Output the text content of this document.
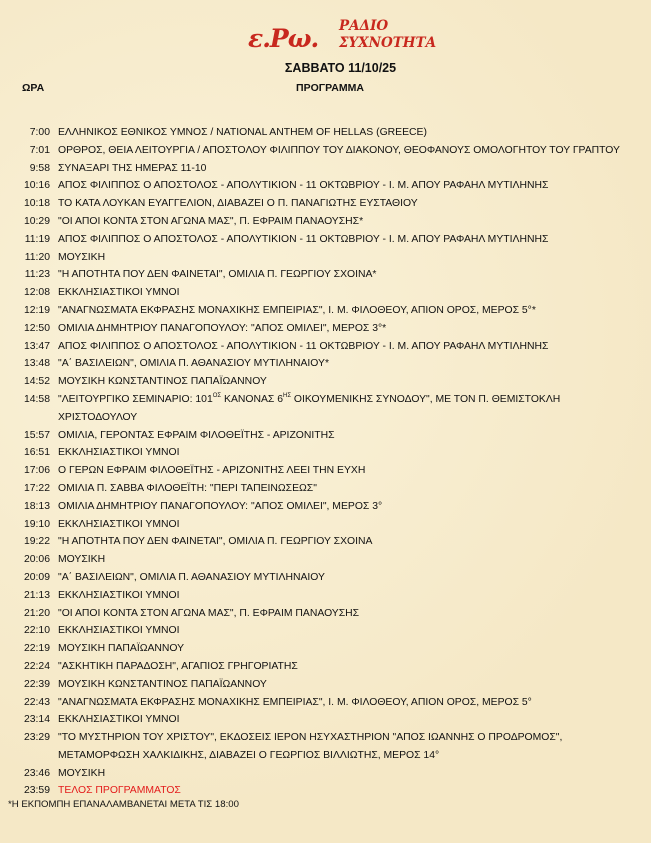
ε.Ρω. ΡΑΔΙΟ
ΣΥΧΝΟΤΗΤΑ
ΣΑΒΒΑΤΟ 11/10/25
ΩΡΑ	ΠΡΟΓΡΑΜΜΑ
7:00 ΕΛΛΗΝΙΚΟΣ ΕΘΝΙΚΟΣ ΥΜΝΟΣ / NATIONAL ANTHEM OF HELLAS (GREECE)
7:01 ΟΡΘΡΟΣ, ΘΕΙΑ ΛΕΙΤΟΥΡΓΙΑ / ΑΠΟΣΤΟΛΟΥ ΦΙΛΙΠΠΟΥ ΤΟΥ ΔΙΑΚΟΝΟΥ, ΘΕΟΦΑΝΟΥΣ ΟΜΟΛΟΓΗΤΟΥ ΤΟΥ ΓΡΑΠΤΟΥ
9:58 ΣΥΝΑΞΑΡΙ ΤΗΣ ΗΜΕΡΑΣ 11-10
10:16 ΑΠΟΣ ΦΙΛΙΠΠΟΣ Ο ΑΠΟΣΤΟΛΟΣ - ΑΠΟΛΥΤΙΚΙΟΝ - 11 ΟΚΤΩΒΡΙΟΥ - Ι. Μ. ΑΠΟΥ ΡΑΦΑΗΛ ΜΥΤΙΛΗΝΗΣ
10:18 ΤΟ ΚΑΤΑ ΛΟΥΚΑΝ ΕΥΑΓΓΕΛΙΟΝ, ΔΙΑΒΑΖΕΙ Ο Π. ΠΑΝΑΓΙΩΤΗΣ ΕΥΣΤΑΘΙΟΥ
10:29 "ΟΙ ΑΠΟΙ ΚΟΝΤΑ ΣΤΟΝ ΑΓΩΝΑ ΜΑΣ", Π. ΕΦΡΑΙΜ ΠΑΝΑΟΥΣΗΣ*
11:19 ΑΠΟΣ ΦΙΛΙΠΠΟΣ Ο ΑΠΟΣΤΟΛΟΣ - ΑΠΟΛΥΤΙΚΙΟΝ - 11 ΟΚΤΩΒΡΙΟΥ - Ι. Μ. ΑΠΟΥ ΡΑΦΑΗΛ ΜΥΤΙΛΗΝΗΣ
11:20 ΜΟΥΣΙΚΗ
11:23 "Η ΑΠΟΤΗΤΑ ΠΟΥ ΔΕΝ ΦΑΙΝΕΤΑΙ", ΟΜΙΛΙΑ Π. ΓΕΩΡΓΙΟΥ ΣΧΟΙΝΑ*
12:08 ΕΚΚΛΗΣΙΑΣΤΙΚΟΙ ΥΜΝΟΙ
12:19 "ΑΝΑΓΝΩΣΜΑΤΑ ΕΚΦΡΑΣΗΣ ΜΟΝΑΧΙΚΗΣ ΕΜΠΕΙΡΙΑΣ", Ι. Μ. ΦΙΛΟΘΕΟΥ, ΑΠΙΟΝ ΟΡΟΣ, ΜΕΡΟΣ 5°*
12:50 ΟΜΙΛΙΑ ΔΗΜΗΤΡΙΟΥ ΠΑΝΑΓΟΠΟΥΛΟΥ: "ΑΠΟΣ ΟΜΙΛΕΙ", ΜΕΡΟΣ 3°*
13:47 ΑΠΟΣ ΦΙΛΙΠΠΟΣ Ο ΑΠΟΣΤΟΛΟΣ - ΑΠΟΛΥΤΙΚΙΟΝ - 11 ΟΚΤΩΒΡΙΟΥ - Ι. Μ. ΑΠΟΥ ΡΑΦΑΗΛ ΜΥΤΙΛΗΝΗΣ
13:48 "Α΄ ΒΑΣΙΛΕΙΩΝ", ΟΜΙΛΙΑ Π. ΑΘΑΝΑΣΙΟΥ ΜΥΤΙΛΗΝΑΙΟΥ*
14:52 ΜΟΥΣΙΚΗ ΚΩΝΣΤΑΝΤΙΝΟΣ ΠΑΠΑΪΩΑΝΝΟΥ
14:58 "ΛΕΙΤΟΥΡΓΙΚΟ ΣΕΜΙΝΑΡΙΟ: $101^{O\Sigma}$ ΚΑΝΟΝΑΣ $6^{H\Sigma}$ ΟΙΚΟΥΜΕΝΙΚΗΣ ΣΥΝΟΔΟΥ", ΜΕ ΤΟΝ Π. ΘΕΜΙΣΤΟΚΛΗ ΧΡΙΣΤΟΔΟΥΛΟΥ
15:57 ΟΜΙΛΙΑ, ΓΕΡΟΝΤΑΣ ΕΦΡΑΙΜ ΦΙΛΟΘΕΪΤΗΣ - ΑΡΙΖΟΝΙΤΗΣ
16:51 ΕΚΚΛΗΣΙΑΣΤΙΚΟΙ ΥΜΝΟΙ
17:06 Ο ΓΕΡΩΝ ΕΦΡΑΙΜ ΦΙΛΟΘΕΪΤΗΣ - ΑΡΙΖΟΝΙΤΗΣ ΛΕΕΙ ΤΗΝ ΕΥΧΗ
17:22 ΟΜΙΛΙΑ Π. ΣΑΒΒΑ ΦΙΛΟΘΕΪΤΗ: "ΠΕΡΙ ΤΑΠΕΙΝΩΣΕΩΣ"
18:13 ΟΜΙΛΙΑ ΔΗΜΗΤΡΙΟΥ ΠΑΝΑΓΟΠΟΥΛΟΥ: "ΑΠΟΣ ΟΜΙΛΕΙ", ΜΕΡΟΣ 3°
19:10 ΕΚΚΛΗΣΙΑΣΤΙΚΟΙ ΥΜΝΟΙ
19:22 "Η ΑΠΟΤΗΤΑ ΠΟΥ ΔΕΝ ΦΑΙΝΕΤΑΙ", ΟΜΙΛΙΑ Π. ΓΕΩΡΓΙΟΥ ΣΧΟΙΝΑ
20:06 ΜΟΥΣΙΚΗ
20:09 "Α΄ ΒΑΣΙΛΕΙΩΝ", ΟΜΙΛΙΑ Π. ΑΘΑΝΑΣΙΟΥ ΜΥΤΙΛΗΝΑΙΟΥ
21:13 ΕΚΚΛΗΣΙΑΣΤΙΚΟΙ ΥΜΝΟΙ
21:20 "ΟΙ ΑΠΟΙ ΚΟΝΤΑ ΣΤΟΝ ΑΓΩΝΑ ΜΑΣ", Π. ΕΦΡΑΙΜ ΠΑΝΑΟΥΣΗΣ
22:10 ΕΚΚΛΗΣΙΑΣΤΙΚΟΙ ΥΜΝΟΙ
22:19 ΜΟΥΣΙΚΗ ΠΑΠΑΪΩΑΝΝΟΥ
22:24 "ΑΣΚΗΤΙΚΗ ΠΑΡΑΔΟΣΗ", ΑΓΑΠΙΟΣ ΓΡΗΓΟΡΙΑΤΗΣ
22:39 ΜΟΥΣΙΚΗ ΚΩΝΣΤΑΝΤΙΝΟΣ ΠΑΠΑΪΩΑΝΝΟΥ
22:43 "ΑΝΑΓΝΩΣΜΑΤΑ ΕΚΦΡΑΣΗΣ ΜΟΝΑΧΙΚΗΣ ΕΜΠΕΙΡΙΑΣ", Ι. Μ. ΦΙΛΟΘΕΟΥ, ΑΠΙΟΝ ΟΡΟΣ, ΜΕΡΟΣ 5°
23:14 ΕΚΚΛΗΣΙΑΣΤΙΚΟΙ ΥΜΝΟΙ
23:29 "ΤΟ ΜΥΣΤΗΡΙΟΝ ΤΟΥ ΧΡΙΣΤΟΥ", ΕΚΔΟΣΕΙΣ ΙΕΡΟΝ ΗΣΥΧΑΣΤΗΡΙΟΝ "ΑΠΟΣ ΙΩΑΝΝΗΣ Ο ΠΡΟΔΡΟΜΟΣ", ΜΕΤΑΜΟΡΦΩΣΗ ΧΑΛΚΙΔΙΚΗΣ, ΔΙΑΒΑΖΕΙ Ο ΓΕΩΡΓΙΟΣ ΒΙΛΛΙΩΤΗΣ, ΜΕΡΟΣ 14°
23:46 ΜΟΥΣΙΚΗ
23:59 ΤΕΛΟΣ ΠΡΟΓΡΑΜΜΑΤΟΣ
*Η ΕΚΠΟΜΠΗ ΕΠΑΝΑΛΑΜΒΑΝΕΤΑΙ ΜΕΤΑ ΤΙΣ 18:00
